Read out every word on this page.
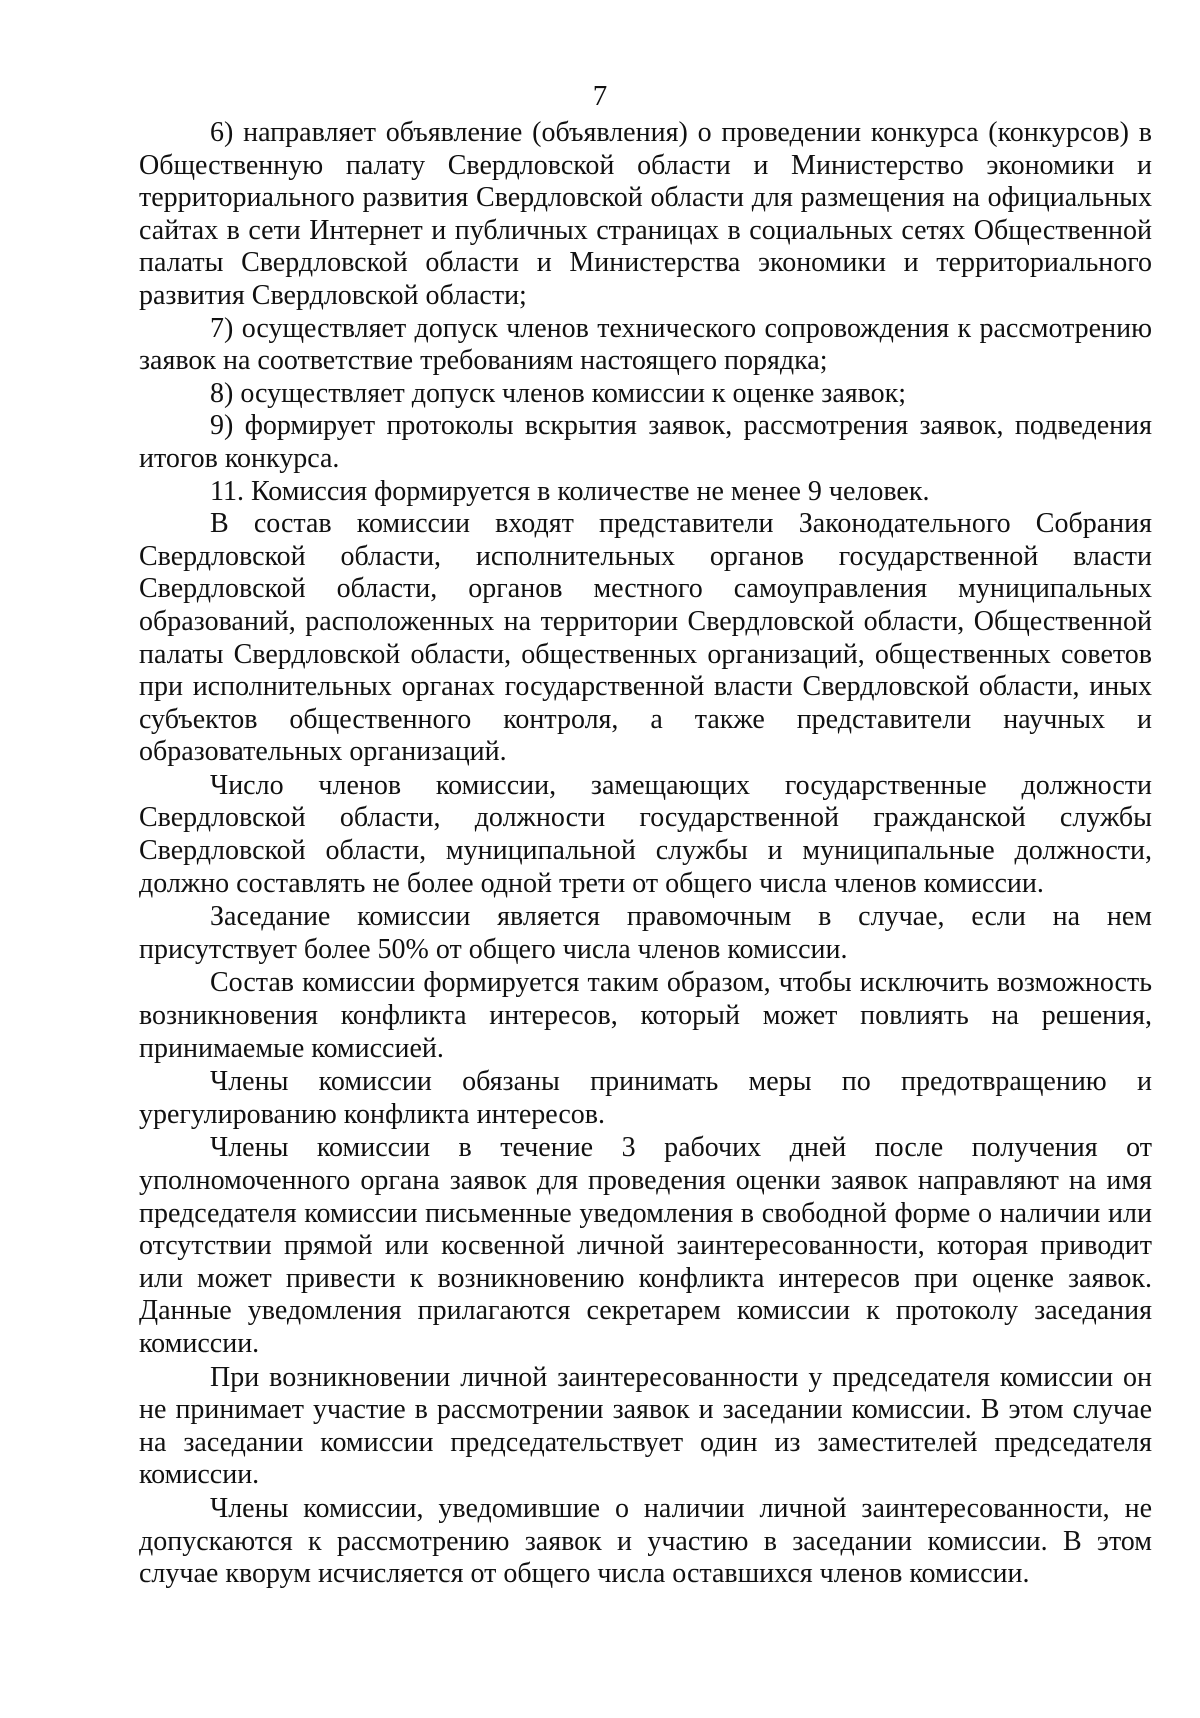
7

6) направляет объявление (объявления) о проведении конкурса (конкурсов) в Общественную палату Свердловской области и Министерство экономики и территориального развития Свердловской области для размещения на официальных сайтах в сети Интернет и публичных страницах в социальных сетях Общественной палаты Свердловской области и Министерства экономики и территориального развития Свердловской области;

7) осуществляет допуск членов технического сопровождения к рассмотрению заявок на соответствие требованиям настоящего порядка;

8) осуществляет допуск членов комиссии к оценке заявок;

9) формирует протоколы вскрытия заявок, рассмотрения заявок, подведения итогов конкурса.

11. Комиссия формируется в количестве не менее 9 человек.

В состав комиссии входят представители Законодательного Собрания Свердловской области, исполнительных органов государственной власти Свердловской области, органов местного самоуправления муниципальных образований, расположенных на территории Свердловской области, Общественной палаты Свердловской области, общественных организаций, общественных советов при исполнительных органах государственной власти Свердловской области, иных субъектов общественного контроля, а также представители научных и образовательных организаций.

Число членов комиссии, замещающих государственные должности Свердловской области, должности государственной гражданской службы Свердловской области, муниципальной службы и муниципальные должности, должно составлять не более одной трети от общего числа членов комиссии.

Заседание комиссии является правомочным в случае, если на нем присутствует более 50% от общего числа членов комиссии.

Состав комиссии формируется таким образом, чтобы исключить возможность возникновения конфликта интересов, который может повлиять на решения, принимаемые комиссией.

Члены комиссии обязаны принимать меры по предотвращению и урегулированию конфликта интересов.

Члены комиссии в течение 3 рабочих дней после получения от уполномоченного органа заявок для проведения оценки заявок направляют на имя председателя комиссии письменные уведомления в свободной форме о наличии или отсутствии прямой или косвенной личной заинтересованности, которая приводит или может привести к возникновению конфликта интересов при оценке заявок. Данные уведомления прилагаются секретарем комиссии к протоколу заседания комиссии.

При возникновении личной заинтересованности у председателя комиссии он не принимает участие в рассмотрении заявок и заседании комиссии. В этом случае на заседании комиссии председательствует один из заместителей председателя комиссии.

Члены комиссии, уведомившие о наличии личной заинтересованности, не допускаются к рассмотрению заявок и участию в заседании комиссии. В этом случае кворум исчисляется от общего числа оставшихся членов комиссии.
